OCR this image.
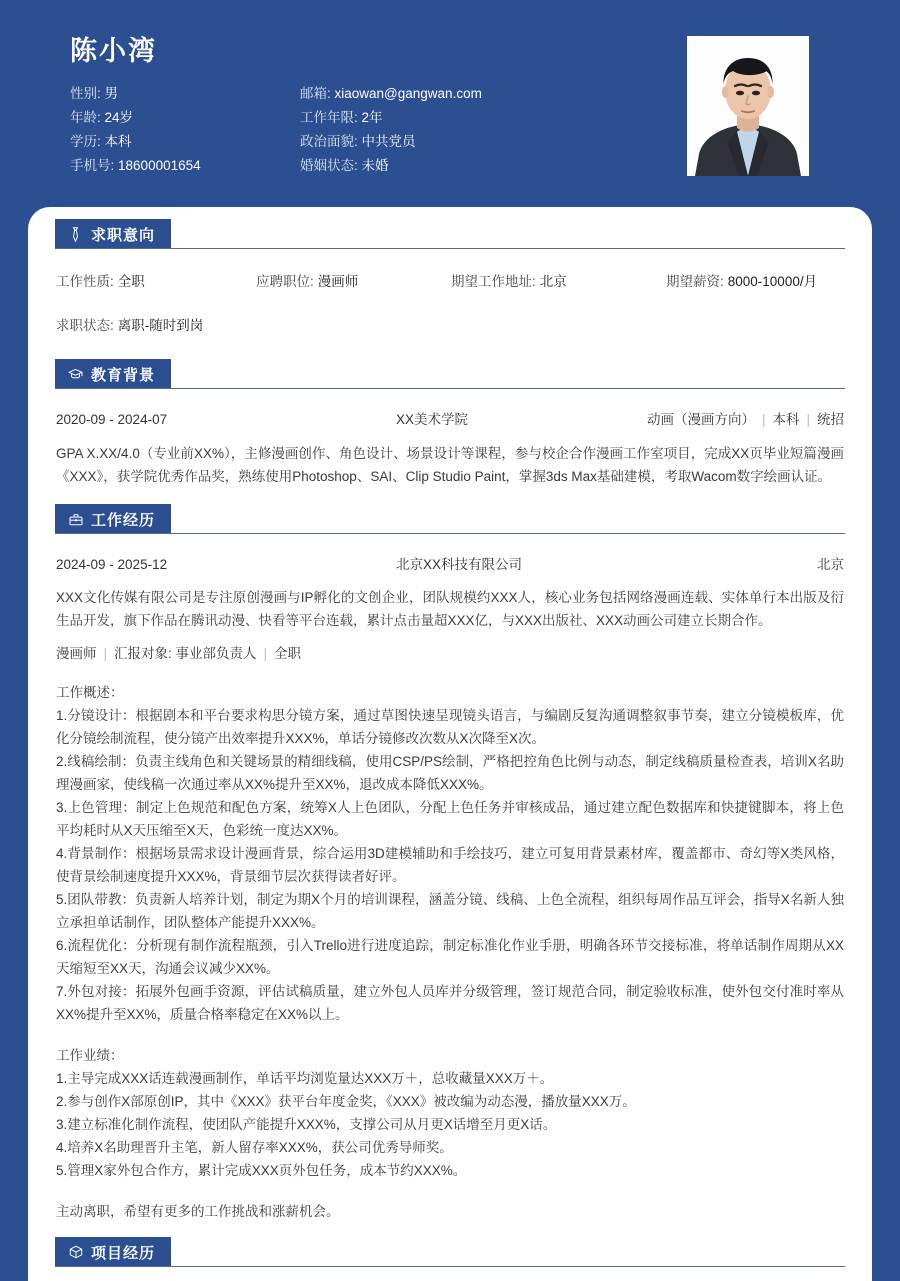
陈小湾
性别: 男	邮箱: xiaowan@gangwan.com
年龄: 24岁	工作年限: 2年
学历: 本科	政治面貌: 中共党员
手机号: 18600001654	婚姻状态: 未婚
求职意向
工作性质: 全职	应聘职位: 漫画师	期望工作地址: 北京	期望薪资: 8000-10000/月
求职状态: 离职-随时到岗
教育背景
2020-09 - 2024-07	XX美术学院	动画（漫画方向） | 本科 | 统招

GPA X.XX/4.0（专业前XX%），主修漫画创作、角色设计、场景设计等课程，参与校企合作漫画工作室项目，完成XX页毕业短篇漫画《XXX》，获学院优秀作品奖，熟练使用Photoshop、SAI、Clip Studio Paint，掌握3ds Max基础建模，考取Wacom数字绘画认证。

工作经历
2024-09 - 2025-12	北京XX科技有限公司	北京

XXX文化传媒有限公司是专注原创漫画与IP孵化的文创企业，团队规模约XXX人，核心业务包括网络漫画连载、实体单行本出版及衍生品开发，旗下作品在腾讯动漫、快看等平台连载，累计点击量超XXX亿，与XXX出版社、XXX动画公司建立长期合作。

漫画师 | 汇报对象: 事业部负责人 | 全职

工作概述：

1.分镜设计：根据剧本和平台要求构思分镜方案，通过草图快速呈现镜头语言，与编剧反复沟通调整叙事节奏，建立分镜模板库，优化分镜绘制流程，使分镜产出效率提升XXX%，单话分镜修改次数从X次降至X次。

2.线稿绘制：负责主线角色和关键场景的精细线稿，使用CSP/PS绘制，严格把控角色比例与动态，制定线稿质量检查表，培训X名助理漫画家，使线稿一次通过率从XX%提升至XX%，退改成本降低XXX%。

3.上色管理：制定上色规范和配色方案，统筹X人上色团队，分配上色任务并审核成品，通过建立配色数据库和快捷键脚本，将上色平均耗时从X天压缩至X天，色彩统一度达XX%。

4.背景制作：根据场景需求设计漫画背景，综合运用3D建模辅助和手绘技巧，建立可复用背景素材库，覆盖都市、奇幻等X类风格，使背景绘制速度提升XXX%，背景细节层次获得读者好评。

5.团队带教：负责新人培养计划，制定为期X个月的培训课程，涵盖分镜、线稿、上色全流程，组织每周作品互评会，指导X名新人独立承担单话制作，团队整体产能提升XXX%。

6.流程优化：分析现有制作流程瓶颈，引入Trello进行进度追踪，制定标准化作业手册，明确各环节交接标准，将单话制作周期从XX天缩短至XX天，沟通会议减少XX%。

7.外包对接：拓展外包画手资源，评估试稿质量，建立外包人员库并分级管理，签订规范合同，制定验收标准，使外包交付准时率从XX%提升至XX%，质量合格率稳定在XX%以上。

工作业绩：

1.主导完成XXX话连载漫画制作，单话平均浏览量达XXX万＋，总收藏量XXX万＋。

2.参与创作X部原创IP，其中《XXX》获平台年度金奖，《XXX》被改编为动态漫，播放量XXX万。

3.建立标准化制作流程，使团队产能提升XXX%，支撑公司从月更X话增至月更X话。

4.培养X名助理晋升主笔，新人留存率XXX%，获公司优秀导师奖。

5.管理X家外包合作方，累计完成XXX页外包任务，成本节约XXX%。

主动离职，希望有更多的工作挑战和涨薪机会。

项目经历
